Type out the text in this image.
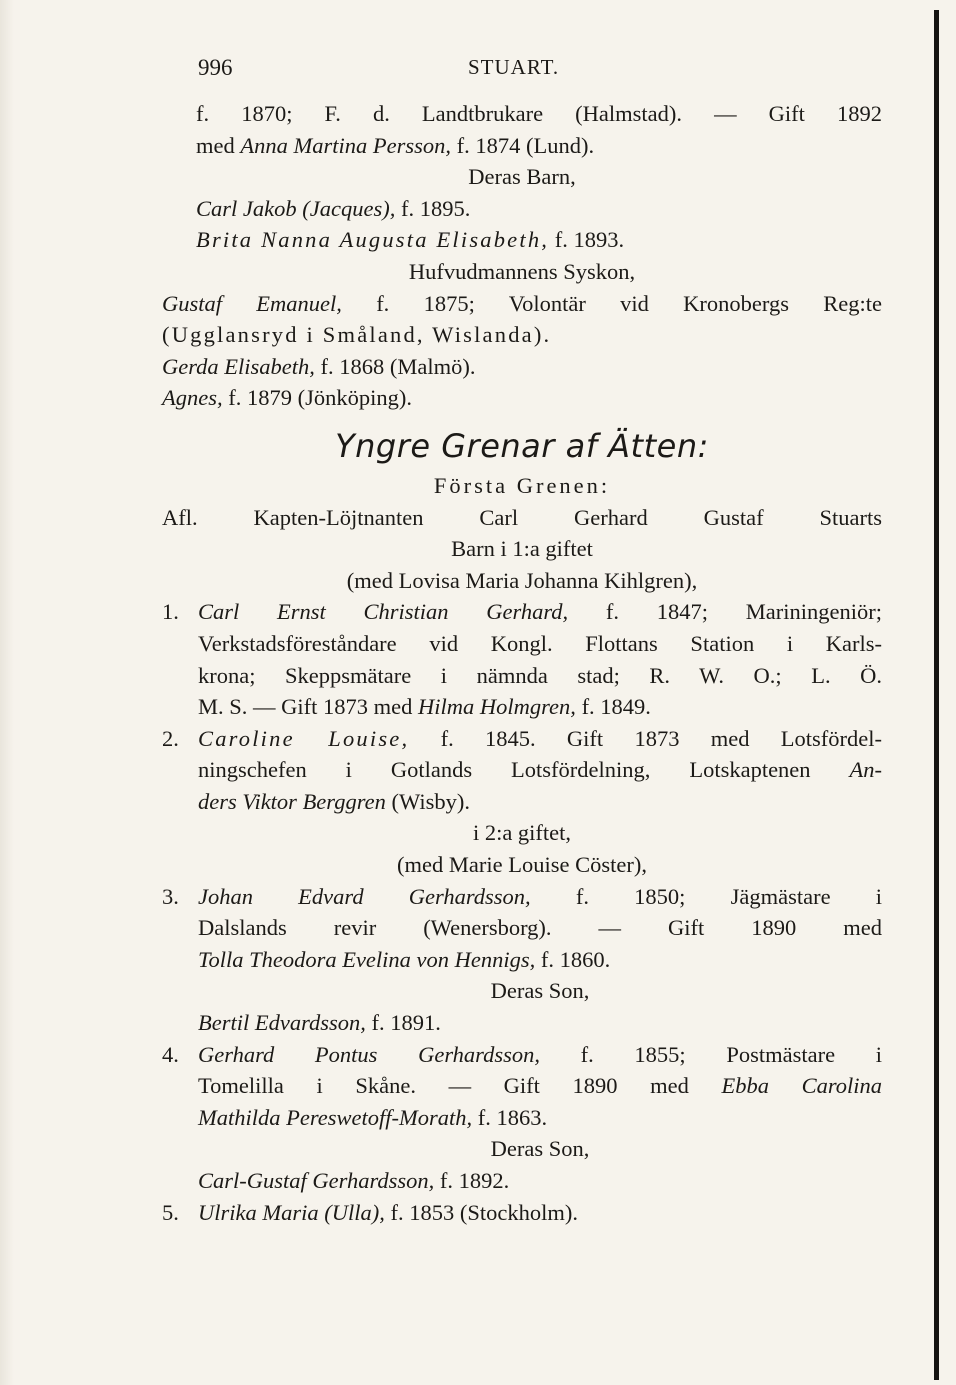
996	STUART.
f. 1870; F. d. Landtbrukare (Halmstad). — Gift 1892
med Anna Martina Persson, f. 1874 (Lund).
Deras Barn,
Carl Jakob (Jacques), f. 1895.
Brita Nanna Augusta Elisabeth, f. 1893.
Hufvudmannens Syskon,
Gustaf Emanuel, f. 1875; Volontär vid Kronobergs Reg:te
(Ugglansryd i Småland, Wislanda).
Gerda Elisabeth, f. 1868 (Malmö).
Agnes, f. 1879 (Jönköping).
Yngre Grenar af Ätten:
Första Grenen:
Afl. Kapten-Löjtnanten Carl Gerhard Gustaf Stuarts
Barn i 1:a giftet
(med Lovisa Maria Johanna Kihlgren),
1. Carl Ernst Christian Gerhard, f. 1847; Mariningeniör;
Verkstadsföreståndare vid Kongl. Flottans Station i Karls-
krona; Skeppsmätare i nämnda stad; R. W. O.; L. Ö.
M. S. — Gift 1873 med Hilma Holmgren, f. 1849.
2. Caroline Louise, f. 1845. Gift 1873 med Lotsfördel-
ningschefen i Gotlands Lotsfördelning, Lotskaptenen An-
ders Viktor Berggren (Wisby).
i 2:a giftet,
(med Marie Louise Cöster),
3. Johan Edvard Gerhardsson, f. 1850; Jägmästare i
Dalslands revir (Wenersborg). — Gift 1890 med
Tolla Theodora Evelina von Hennigs, f. 1860.
Deras Son,
Bertil Edvardsson, f. 1891.
4. Gerhard Pontus Gerhardsson, f. 1855; Postmästare i
Tomelilla i Skåne. — Gift 1890 med Ebba Carolina
Mathilda Pereswetoff-Morath, f. 1863.
Deras Son,
Carl-Gustaf Gerhardsson, f. 1892.
5. Ulrika Maria (Ulla), f. 1853 (Stockholm).
